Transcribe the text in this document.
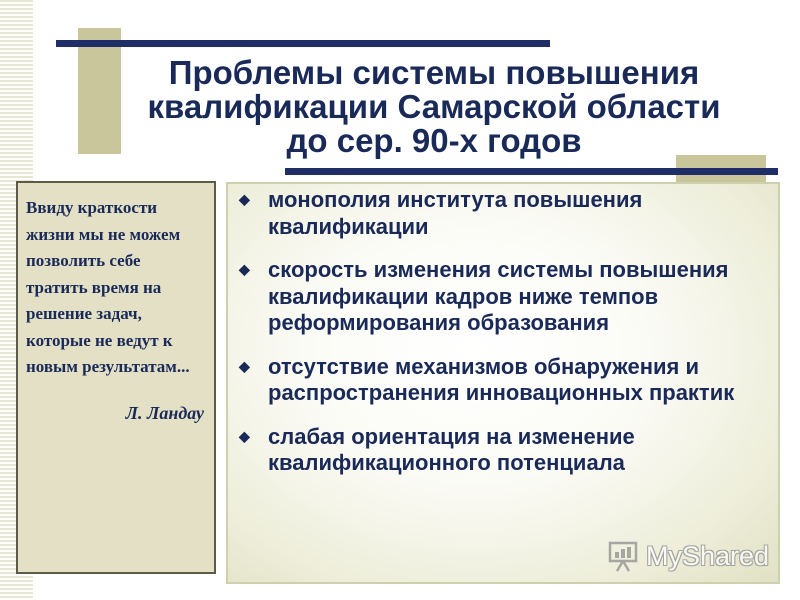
Проблемы системы повышения квалификации Самарской области до сер. 90-х годов

Ввиду краткости жизни мы не можем позволить себе тратить время на решение задач, которые не ведут к новым результатам...

Л. Ландау

◆ монополия института повышения квалификации
◆ скорость изменения системы повышения квалификации кадров ниже темпов реформирования образования
◆ отсутствие механизмов обнаружения и распространения инновационных практик
◆ слабая ориентация на изменение квалификационного потенциала
MyShared
